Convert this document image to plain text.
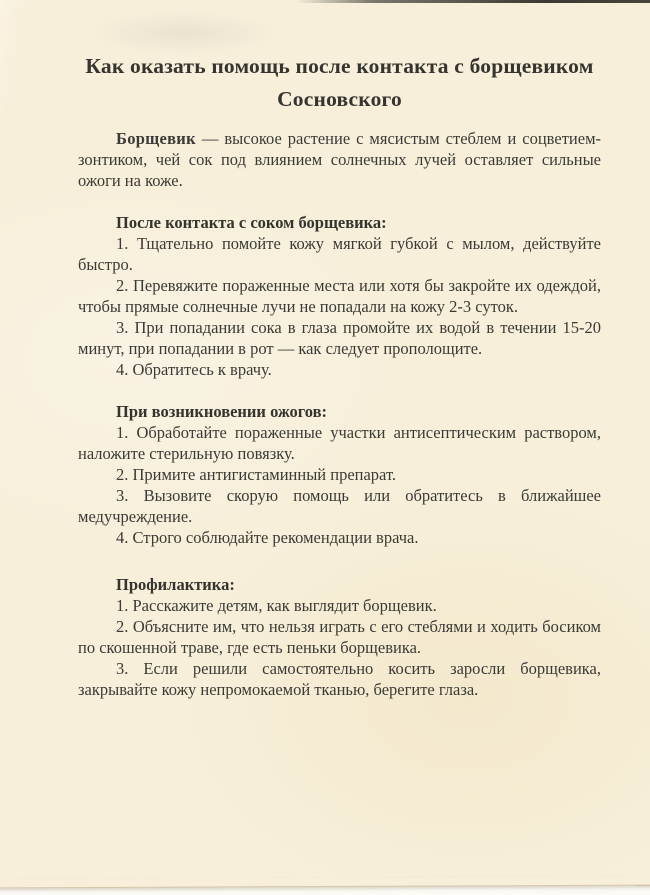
Как оказать помощь после контакта с борщевиком Сосновского

Борщевик — высокое растение с мясистым стеблем и соцветием-зонтиком, чей сок под влиянием солнечных лучей оставляет сильные ожоги на коже.

После контакта с соком борщевика:
1. Тщательно помойте кожу мягкой губкой с мылом, действуйте быстро.
2. Перевяжите пораженные места или хотя бы закройте их одеждой, чтобы прямые солнечные лучи не попадали на кожу 2-3 суток.
3. При попадании сока в глаза промойте их водой в течении 15-20 минут, при попадании в рот — как следует прополощите.
4. Обратитесь к врачу.
При возникновении ожогов:
1. Обработайте пораженные участки антисептическим раствором, наложите стерильную повязку.
2. Примите антигистаминный препарат.
3. Вызовите скорую помощь или обратитесь в ближайшее медучреждение.
4. Строго соблюдайте рекомендации врача.
Профилактика:
1. Расскажите детям, как выглядит борщевик.
2. Объясните им, что нельзя играть с его стеблями и ходить босиком по скошенной траве, где есть пеньки борщевика.
3. Если решили самостоятельно косить заросли борщевика, закрывайте кожу непромокаемой тканью, берегите глаза.
